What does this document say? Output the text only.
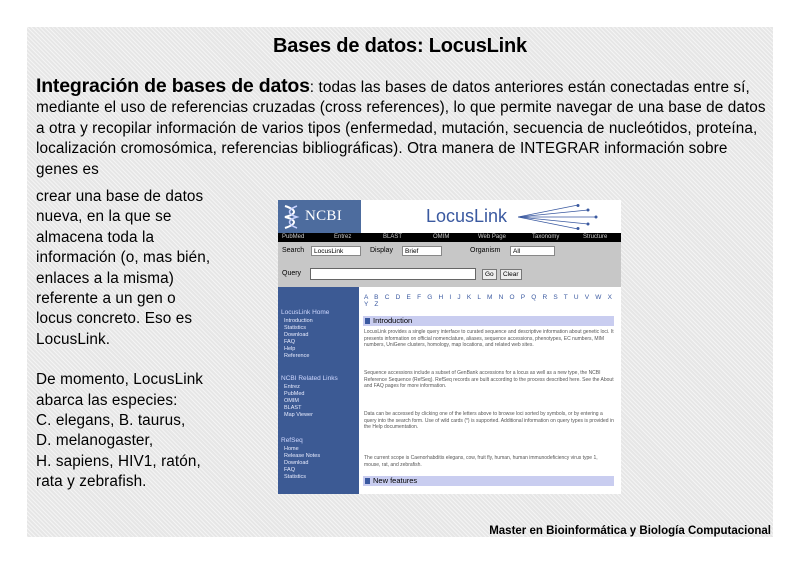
Bases de datos: LocusLink
Integración de bases de datos: todas las bases de datos anteriores están conectadas entre sí, mediante el uso de referencias cruzadas (cross references), lo que permite navegar de una base de datos a otra y recopilar información de varios tipos (enfermedad, mutación, secuencia de nucleótidos, proteína, localización cromosómica, referencias bibliográficas). Otra manera de INTEGRAR información sobre genes es

crear una base de datos

nueva, en la que se

almacena toda la

información (o, mas bién,

enlaces a la misma)

referente a un gen o

locus concreto. Eso es

LocusLink.

De momento, LocusLink

abarca las especies:

C. elegans, B. taurus,

D. melanogaster,

H. sapiens, HIV1, ratón,

rata y zebrafish.

NCBI	LocusLink
PubMed	Entrez	BLAST	OMIM	Web Page	Taxonomy	Structure
Search	LocusLink	Display	Brief	Organism	All
Query	Go	Clear
LocusLink Home
Introduction
Statistics
Download
FAQ
Help
Reference
NCBI Related Links
Entrez
PubMed
OMIM
BLAST
Map Viewer
RefSeq
Home
Release Notes
Download
FAQ
Statistics
A B C D E F G H I J K L M N O P Q R S T U V W X Y Z
Introduction
LocusLink provides a single query interface to curated sequence and descriptive information about genetic loci. It presents information on official nomenclature, aliases, sequence accessions, phenotypes, EC numbers, MIM numbers, UniGene clusters, homology, map locations, and related web sites.
Sequence accessions include a subset of GenBank accessions for a locus as well as a new type, the NCBI Reference Sequence (RefSeq). RefSeq records are built according to the process described here. See the About and FAQ pages for more information.
Data can be accessed by clicking one of the letters above to browse loci sorted by symbols, or by entering a query into the search form. Use of wild cards (*) is supported. Additional information on query types is provided in the Help documentation.
The current scope is Caenorhabditis elegans, cow, fruit fly, human, human immunodeficiency virus type 1, mouse, rat, and zebrafish.
New features
Master en Bioinformática y Biología Computacional
